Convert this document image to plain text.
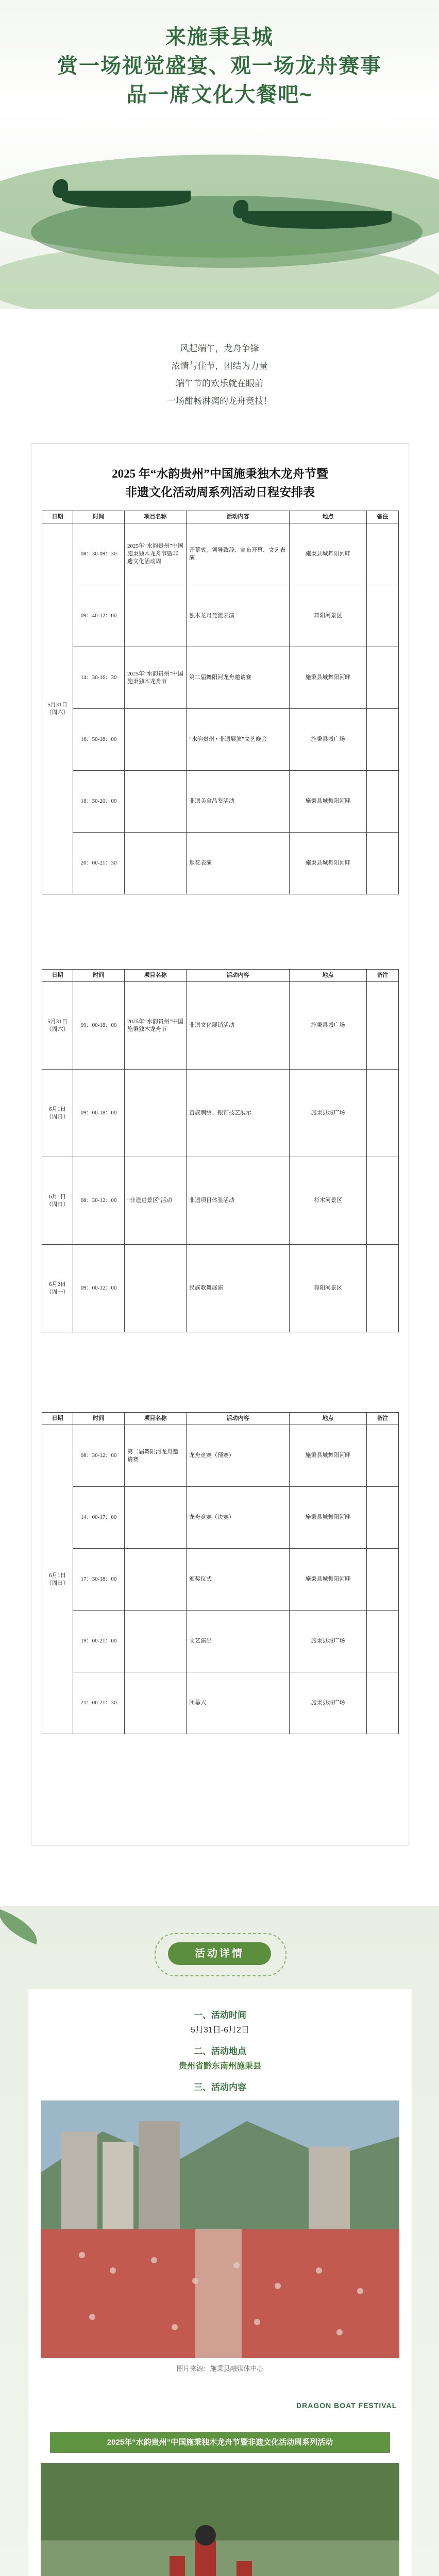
来施秉县城
赏一场视觉盛宴、观一场龙舟赛事
品一席文化大餐吧~
风起端午，龙舟争锋
浓情与佳节，团结为力量
端午节的欢乐就在眼前
一场酣畅淋漓的龙舟竞技！
2025 年“水韵贵州”中国施秉独木龙舟节暨
非遗文化活动周系列活动日程安排表
日期	时间	项目名称	活动内容	地点	备注
5月31日（周六）	08：30-09：30	2025年“水韵贵州”中国施秉独木龙舟节暨非遗文化活动周	开幕式，领导致辞、宣布开幕、文艺表演	施秉县城舞阳河畔	
	09：40-12：00		独木龙舟竞渡表演	舞阳河景区	
	14：30-16：30	2025年“水韵贵州”中国施秉独木龙舟节	第二届舞阳河龙舟邀请赛	施秉县城舞阳河畔	
	16：50-18：00		“水韵贵州 • 非遗展演”文艺晚会	施秉县城广场	
	18：30-20：00		非遗美食品鉴活动	施秉县城舞阳河畔	
	20：00-21：30		烟花表演	施秉县城舞阳河畔	
日期	时间	项目名称	活动内容	地点	备注
5月31日（周六）	09：00-18：00	2025年“水韵贵州”中国施秉独木龙舟节	非遗文化展销活动	施秉县城广场	
6月1日（周日）	09：00-18：00		苗族刺绣、银饰技艺展示	施秉县城广场	
6月1日（周日）	08：30-12：00	“非遗进景区”活动	非遗项目体验活动	杉木河景区	
6月2日（周一）	09：00-12：00		民族歌舞展演	舞阳河景区	
日期	时间	项目名称	活动内容	地点	备注
6月1日（周日）	08：30-12：00	第二届舞阳河龙舟邀请赛	龙舟竞赛（预赛）	施秉县城舞阳河畔	
	14：00-17：00		龙舟竞赛（决赛）	施秉县城舞阳河畔	
	17：30-18：00		颁奖仪式	施秉县城舞阳河畔	
	19：00-21：00		文艺演出	施秉县城广场	
	21：00-21：30		闭幕式	施秉县城广场	
活动详情
一、活动时间
5月31日-6月2日
二、活动地点
贵州省黔东南州施秉县
三、活动内容
图片来源：施秉县融媒体中心
DRAGON BOAT FESTIVAL
2025年“水韵贵州”中国施秉独木龙舟节暨非遗文化活动周系列活动
